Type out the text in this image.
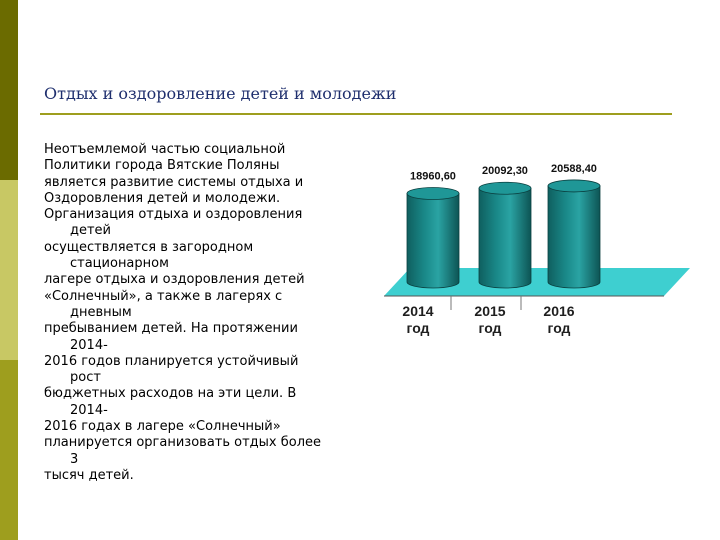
Отдых и оздоровление детей и молодежи
Неотъемлемой частью социальной
Политики города Вятские Поляны
является развитие системы отдыха и
Оздоровления детей и молодежи.
Организация отдыха и оздоровления
детей
осуществляется в загородном
стационарном
лагере отдыха и оздоровления детей
«Солнечный», а также в лагерях с
дневным
пребыванием детей. На протяжении
2014-
2016 годов планируется устойчивый
рост
бюджетных расходов на эти цели. В
2014-
2016 годах в лагере «Солнечный»
планируется организовать отдых более
3
тысяч детей.
18960,60
2014
год
20092,30
2015
год
20588,40
2016
год
